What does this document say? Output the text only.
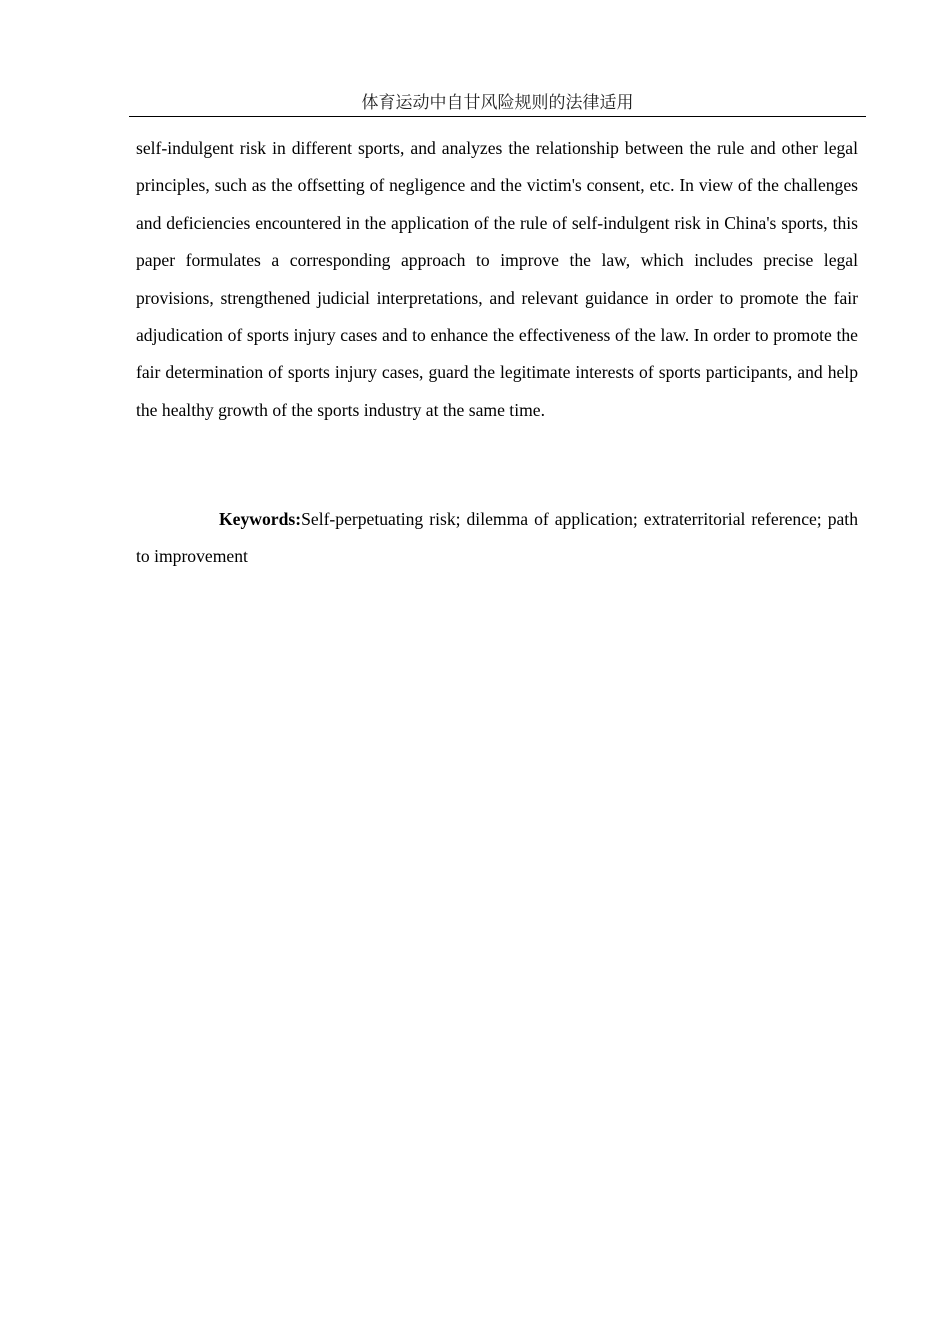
体育运动中自甘风险规则的法律适用

self-indulgent risk in different sports, and analyzes the relationship between the rule and other legal principles, such as the offsetting of negligence and the victim's consent, etc. In view of the challenges and deficiencies encountered in the application of the rule of self-indulgent risk in China's sports, this paper formulates a corresponding approach to improve the law, which includes precise legal provisions, strengthened judicial interpretations, and relevant guidance in order to promote the fair adjudication of sports injury cases and to enhance the effectiveness of the law. In order to promote the fair determination of sports injury cases, guard the legitimate interests of sports participants, and help the healthy growth of the sports industry at the same time.

Keywords:Self-perpetuating risk; dilemma of application; extraterritorial reference; path to improvement
